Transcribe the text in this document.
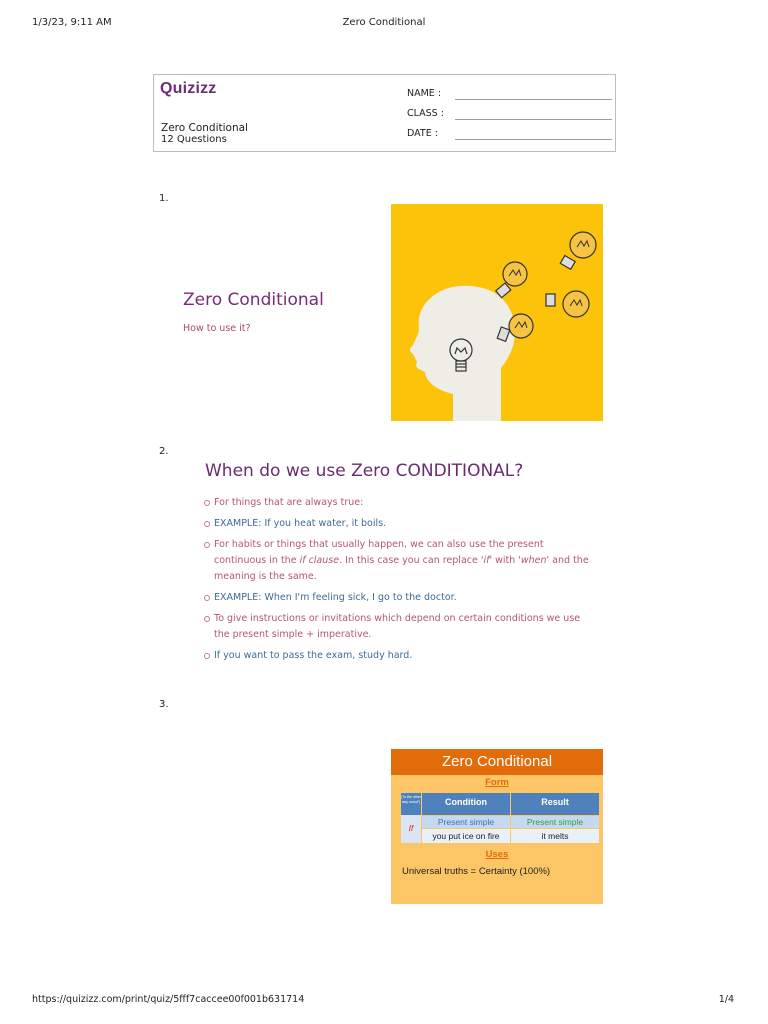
1/3/23, 9:11 AM	Zero Conditional
Quizizz
Zero Conditional
12 Questions
NAME :
CLASS :
DATE :
1.
Zero Conditional
How to use it?
2.
When do we use Zero CONDITIONAL?
For things that are always true:
EXAMPLE: If you heat water, it boils.
For habits or things that usually happen, we can also use the present continuous in the if clause. In this case you can replace 'if' with 'when' and the meaning is the same.
EXAMPLE: When I'm feeling sick, I go to the doctor.
To give instructions or invitations which depend on certain conditions we use the present simple + imperative.
If you want to pass the exam, study hard.
3.
Zero Conditional
Form
("in the other way round")
If
Condition	Result
Present simple	Present simple
you put ice on fire	it melts
Uses
Universal truths = Certainty (100%)
https://quizizz.com/print/quiz/5fff7caccee00f001b631714	1/4
